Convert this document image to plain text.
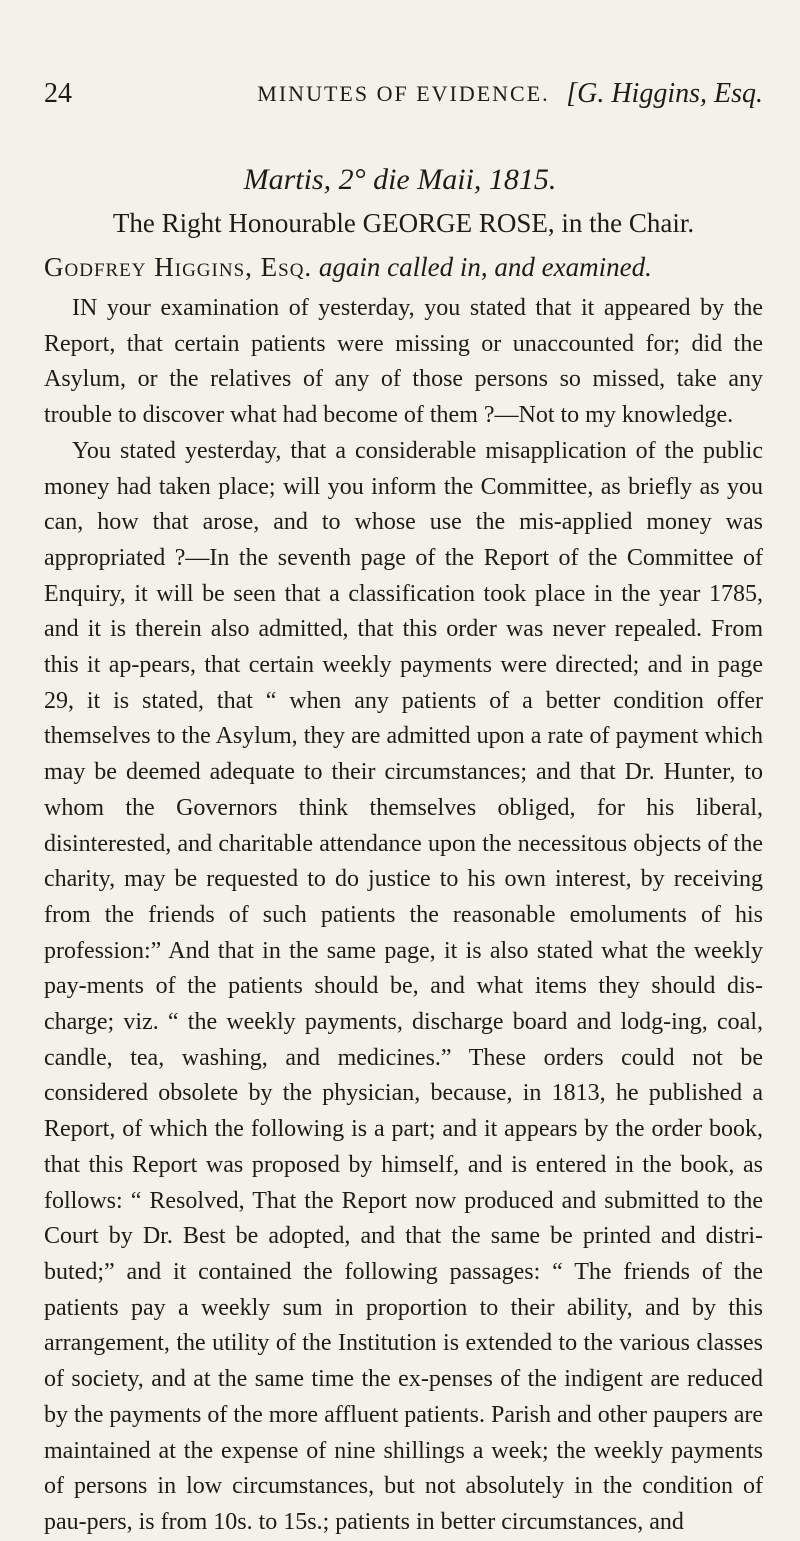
24	MINUTES OF EVIDENCE. [G. Higgins, Esq.
Martis, 2° die Maii, 1815.
The Right Honourable GEORGE ROSE, in the Chair.
Godfrey Higgins, Esq. again called in, and examined.

IN your examination of yesterday, you stated that it appeared by the Report, that certain patients were missing or unaccounted for; did the Asylum, or the relatives of any of those persons so missed, take any trouble to discover what had become of them ?—Not to my knowledge.

You stated yesterday, that a considerable misapplication of the public money had taken place; will you inform the Committee, as briefly as you can, how that arose, and to whose use the mis-applied money was appropriated ?—In the seventh page of the Report of the Committee of Enquiry, it will be seen that a classification took place in the year 1785, and it is therein also admitted, that this order was never repealed. From this it ap-pears, that certain weekly payments were directed; and in page 29, it is stated, that “ when any patients of a better condition offer themselves to the Asylum, they are admitted upon a rate of payment which may be deemed adequate to their circumstances; and that Dr. Hunter, to whom the Governors think themselves obliged, for his liberal, disinterested, and charitable attendance upon the necessitous objects of the charity, may be requested to do justice to his own interest, by receiving from the friends of such patients the reasonable emoluments of his profession:” And that in the same page, it is also stated what the weekly pay-ments of the patients should be, and what items they should dis-charge; viz. “ the weekly payments, discharge board and lodg-ing, coal, candle, tea, washing, and medicines.” These orders could not be considered obsolete by the physician, because, in 1813, he published a Report, of which the following is a part; and it appears by the order book, that this Report was proposed by himself, and is entered in the book, as follows: “ Resolved, That the Report now produced and submitted to the Court by Dr. Best be adopted, and that the same be printed and distri-buted;” and it contained the following passages: “ The friends of the patients pay a weekly sum in proportion to their ability, and by this arrangement, the utility of the Institution is extended to the various classes of society, and at the same time the ex-penses of the indigent are reduced by the payments of the more affluent patients. Parish and other paupers are maintained at the expense of nine shillings a week; the weekly payments of persons in low circumstances, but not absolutely in the condition of pau-pers, is from 10s. to 15s.; patients in better circumstances, and
